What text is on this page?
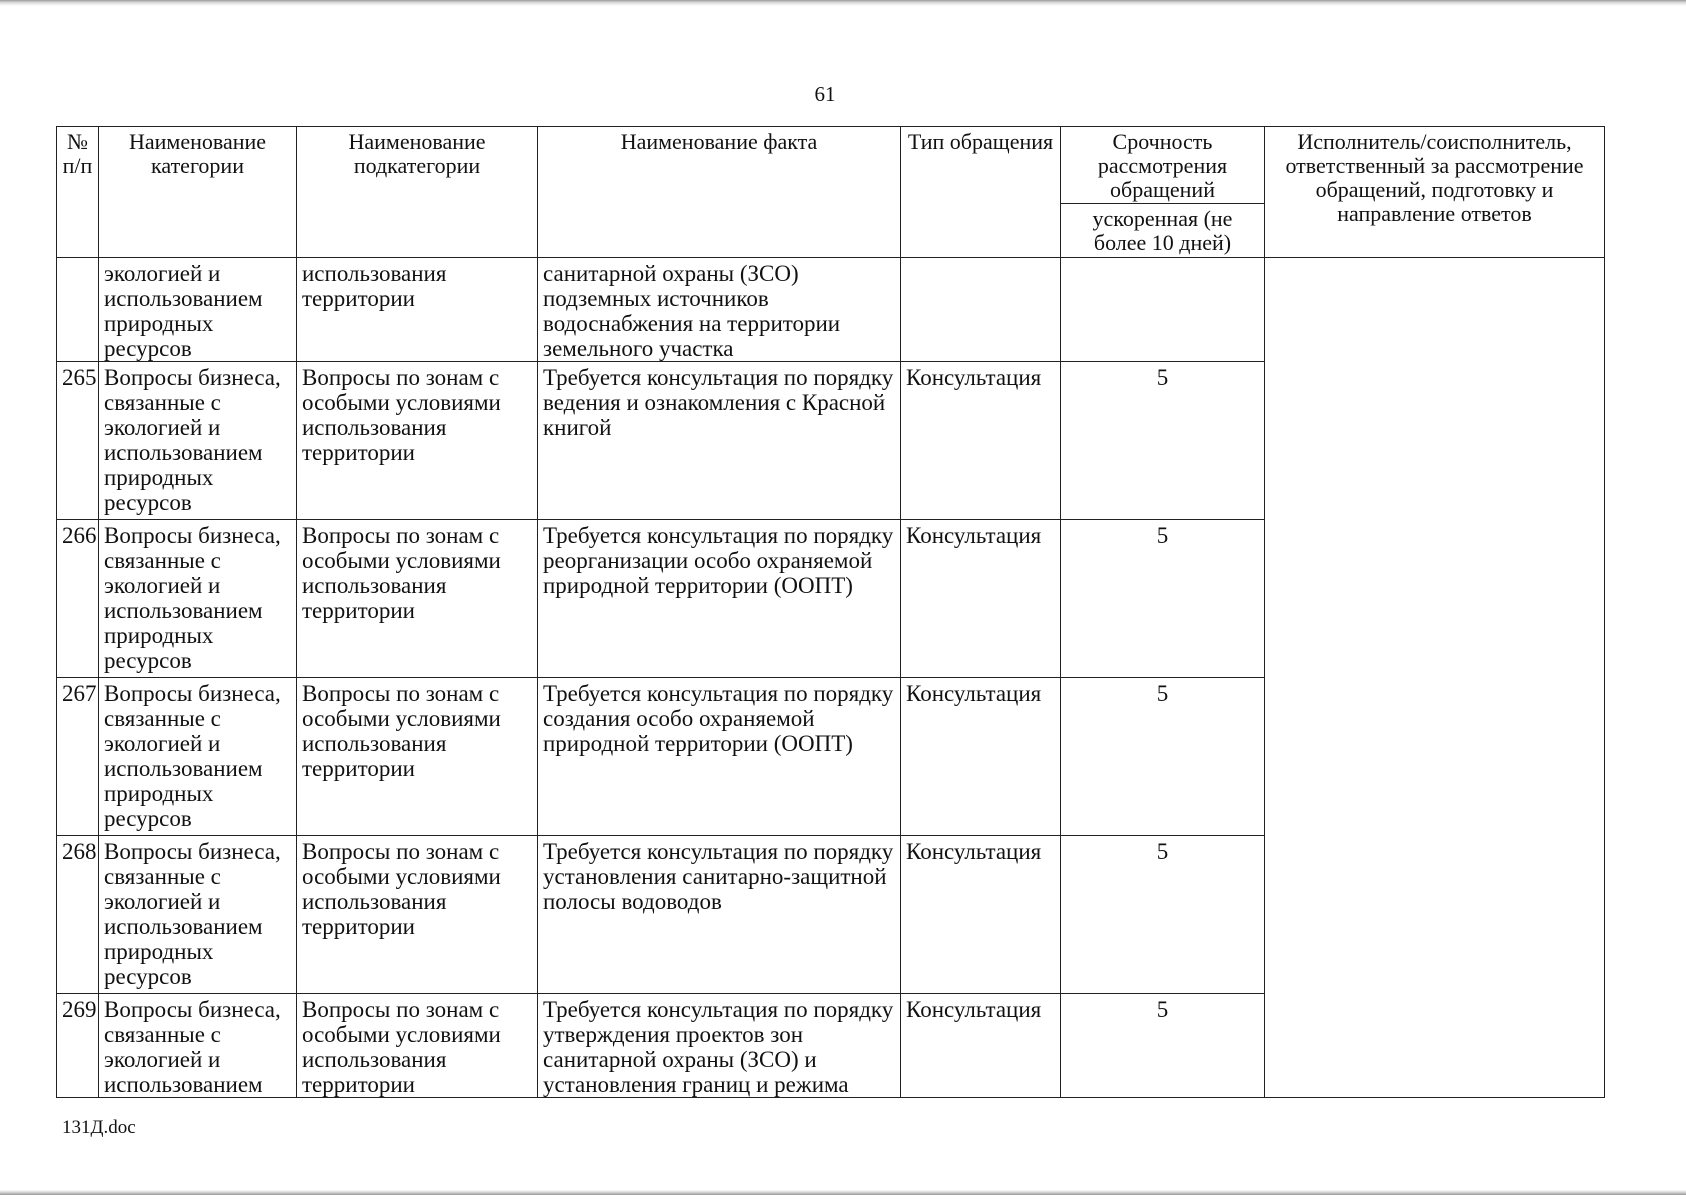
61
№ п/п	Наименование категории	Наименование подкатегории	Наименование факта	Тип обращения	Срочность рассмотрения обращений	Исполнитель/соисполнитель, ответственный за рассмотрение обращений, подготовку и направление ответов
					ускоренная (не более 10 дней)	
	экологией и использованием природных ресурсов	использования территории	санитарной охраны (ЗСО) подземных источников водоснабжения на территории земельного участка			
265	Вопросы бизнеса, связанные с экологией и использованием природных ресурсов	Вопросы по зонам с особыми условиями использования территории	Требуется консультация по порядку ведения и ознакомления с Красной книгой	Консультация	5	
266	Вопросы бизнеса, связанные с экологией и использованием природных ресурсов	Вопросы по зонам с особыми условиями использования территории	Требуется консультация по порядку реорганизации особо охраняемой природной территории (ООПТ)	Консультация	5	
267	Вопросы бизнеса, связанные с экологией и использованием природных ресурсов	Вопросы по зонам с особыми условиями использования территории	Требуется консультация по порядку создания особо охраняемой природной территории (ООПТ)	Консультация	5	
268	Вопросы бизнеса, связанные с экологией и использованием природных ресурсов	Вопросы по зонам с особыми условиями использования территории	Требуется консультация по порядку установления санитарно-защитной полосы водоводов	Консультация	5	
269	Вопросы бизнеса, связанные с экологией и использованием	Вопросы по зонам с особыми условиями использования территории	Требуется консультация по порядку утверждения проектов зон санитарной охраны (ЗСО) и установления границ и режима	Консультация	5	
131Д.doc
